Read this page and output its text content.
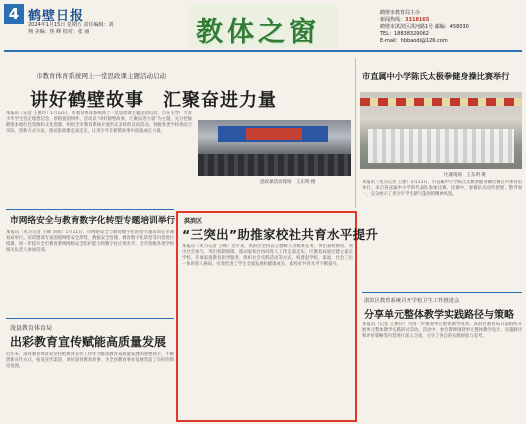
4 鹤壁日报
2024年1月15日 星期五 责任编辑：刘 翔 美编：焦 峰 校对：张 丽	教体之窗
鹤壁市教育局主办
新闻热线：3318165
鹤壁市淇滨区淇河路1号 邮编：458030
TEL：18838329062
E-mail：hbbaodi@126.com
市教育体育系统网上一堂思政课主题活动启动
讲好鹤壁故事　汇聚奋进力量
本报讯（记者 王惠玲）1月12日，市教育体育系统网上一堂思政课主题活动启动，旨在引导广大青少年学生坚定理想信念，厚植爱国情怀。活动以“讲好鹤壁故事，汇聚奋进力量”为主题，充分挖掘鹤壁本地红色资源和文化资源，组织全市教育系统开展形式多样的宣讲活动。各级各类学校将结合实际，创新方式方法，推动思政课走深走实，让青少年在鹤壁故事中汲取成长力量。
思政课活动现场　王东明 摄
市网络安全与教育数字化转型专题培训举行
本报讯（见习记者 王峰 刘冰）1月11日，市网络安全与教育数字化转型专题培训在市教育局举行。培训邀请专家围绕网络安全形势、数据安全管理、教育数字化转型等内容进行授课，进一步提升全市教育系统网络安全防护能力和数字化应用水平。全市各级各类学校相关负责人参加培训。
淇滨区
“三突出”助推家校社共育水平提升
本报讯（见习记者 王峰）近年来，淇滨区坚持以立德树人为根本任务，突出家校协同、突出社会参与、突出机制保障，推动家校社协同育人工作走深走实。区教育局通过建立家长学校、开展家庭教育指导服务、组织社会实践活动等方式，构建起学校、家庭、社会三位一体的育人格局，有效促进了学生全面发展和健康成长，家校社共育水平不断提升。
市直属中小学陈氏太极拳健身操比赛举行
比赛现场　王东明 摄
本报讯（见习记者 王惠）1月13日，市直属中小学陈氏太极拳健身操比赛在市体育馆举行。来自各直属中小学的代表队参加比赛。比赛中，参赛队员动作舒展、整齐划一，充分展示了青少年学生朝气蓬勃的精神风貌。
浚县教育体育局
出彩教育宣传赋能高质量发展
近年来，浚县教育体育局坚持把教育宣传工作作为推动教育高质量发展的重要抓手，不断创新宣传方式，拓宽宣传渠道，讲好浚县教育故事，为全县教育事业发展营造了良好的舆论氛围。
淇滨区教育系统召开学校卫生工作推进会
分享单元整体教学实践路径与策略
本报讯（记者 王惠玲）为进一步推进单元整体教学改革，淇滨区教育局日前组织开展单元整体教学实践研讨活动。活动中，参会教师围绕单元整体教学设计、实施路径和评价策略等内容进行深入交流，分享了各自的实践经验与思考。
